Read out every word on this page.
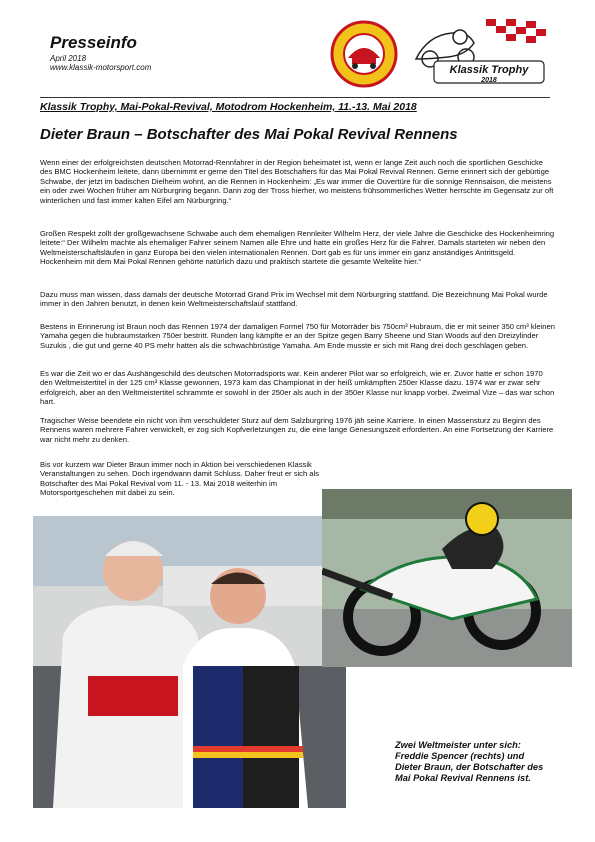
Presseinfo
April 2018
www.klassik-motorsport.com	Klassik Trophy
2018
Klassik Trophy, Mai-Pokal-Revival, Motodrom Hockenheim, 11.-13. Mai 2018
Dieter Braun – Botschafter des Mai Pokal Revival Rennens

Wenn einer der erfolgreichsten deutschen Motorrad-Rennfahrer in der Region beheimatet ist, wenn er lange Zeit auch noch die sportlichen Geschicke des BMC Hockenheim leitete, dann übernimmt er gerne den Titel des Botschafters für das Mai Pokal Revival Rennen. Gerne erinnert sich der gebürtige Schwabe, der jetzt im badischen Dielheim wohnt, an die Rennen in Hockenheim: „Es war immer die Ouvertüre für die sonnige Rennsaison, die meistens ein oder zwei Wochen früher am Nürburgring begann. Dann zog der Tross hierher, wo meistens frühsommerliches Wetter herrschte im Gegensatz zur oft winterlichen und fast immer kalten Eifel am Nürburgring.“

Großen Respekt zollt der großgewachsene Schwabe auch dem ehemaligen Rennleiter Wilhelm Herz, der viele Jahre die Geschicke des Hockenheimring leitete:“ Der Wilhelm machte als ehemaliger Fahrer seinem Namen alle Ehre und hatte ein großes Herz für die Fahrer. Damals starteten wir neben den Weltmeisterschaftsläufen in ganz Europa bei den vielen internationalen Rennen. Dort gab es für uns immer ein ganz anständiges Antrittsgeld. Hockenheim mit dem Mai Pokal Rennen gehörte natürlich dazu und praktisch startete die gesamte Weltelite hier.“

Dazu muss man wissen, dass damals der deutsche Motorrad Grand Prix im Wechsel mit dem Nürburgring stattfand. Die Bezeichnung Mai Pokal wurde immer in den Jahren benutzt, in denen kein Weltmeisterschaftslauf stattfand.

Bestens in Erinnerung ist Braun noch das Rennen 1974 der damaligen Formel 750 für Motorräder bis 750cm³ Hubraum, die er mit seiner 350 cm³ kleinen Yamaha gegen die hubraumstarken 750er bestritt. Runden lang kämpfte er an der Spitze gegen Barry Sheene und Stan Woods auf den Dreizylinder Suzukis , die gut und gerne 40 PS mehr hatten als die schwachbrüstige Yamaha. Am Ende musste er sich mit Rang drei doch geschlagen geben.

Es war die Zeit wo er das Aushängeschild des deutschen Motorradsports war. Kein anderer Pilot war so erfolgreich, wie er. Zuvor hatte er schon 1970 den Weltmeistertitel in der 125 cm³ Klasse gewonnen, 1973 kam das Championat in der heiß umkämpften 250er Klasse dazu. 1974 war er zwar sehr erfolgreich, aber an den Weltmeistertitel schrammte er sowohl in der 250er als auch in der 350er Klasse nur knapp vorbei. Zweimal Vize – das war schon hart.

Tragischer Weise beendete ein nicht von ihm verschuldeter Sturz auf dem Salzburgring 1976 jäh seine Karriere. In einen Massensturz zu Beginn des Rennens waren mehrere Fahrer verwickelt, er zog sich Kopfverletzungen zu, die eine lange Genesungszeit erforderten. An eine Fortsetzung der Karriere war nicht mehr zu denken.

Bis vor kurzem war Dieter Braun immer noch in Aktion bei verschiedenen Klassik Veranstaltungen zu sehen. Doch irgendwann damit Schluss. Daher freut er sich als Botschafter des Mai Pokal Revival vom 11. - 13. Mai 2018 weiterhin im Motorsportgeschehen mit dabei zu sein.

Zwei Weltmeister unter sich:
Freddie Spencer (rechts) und
Dieter Braun, der Botschafter des
Mai Pokal Revival Rennens ist.
